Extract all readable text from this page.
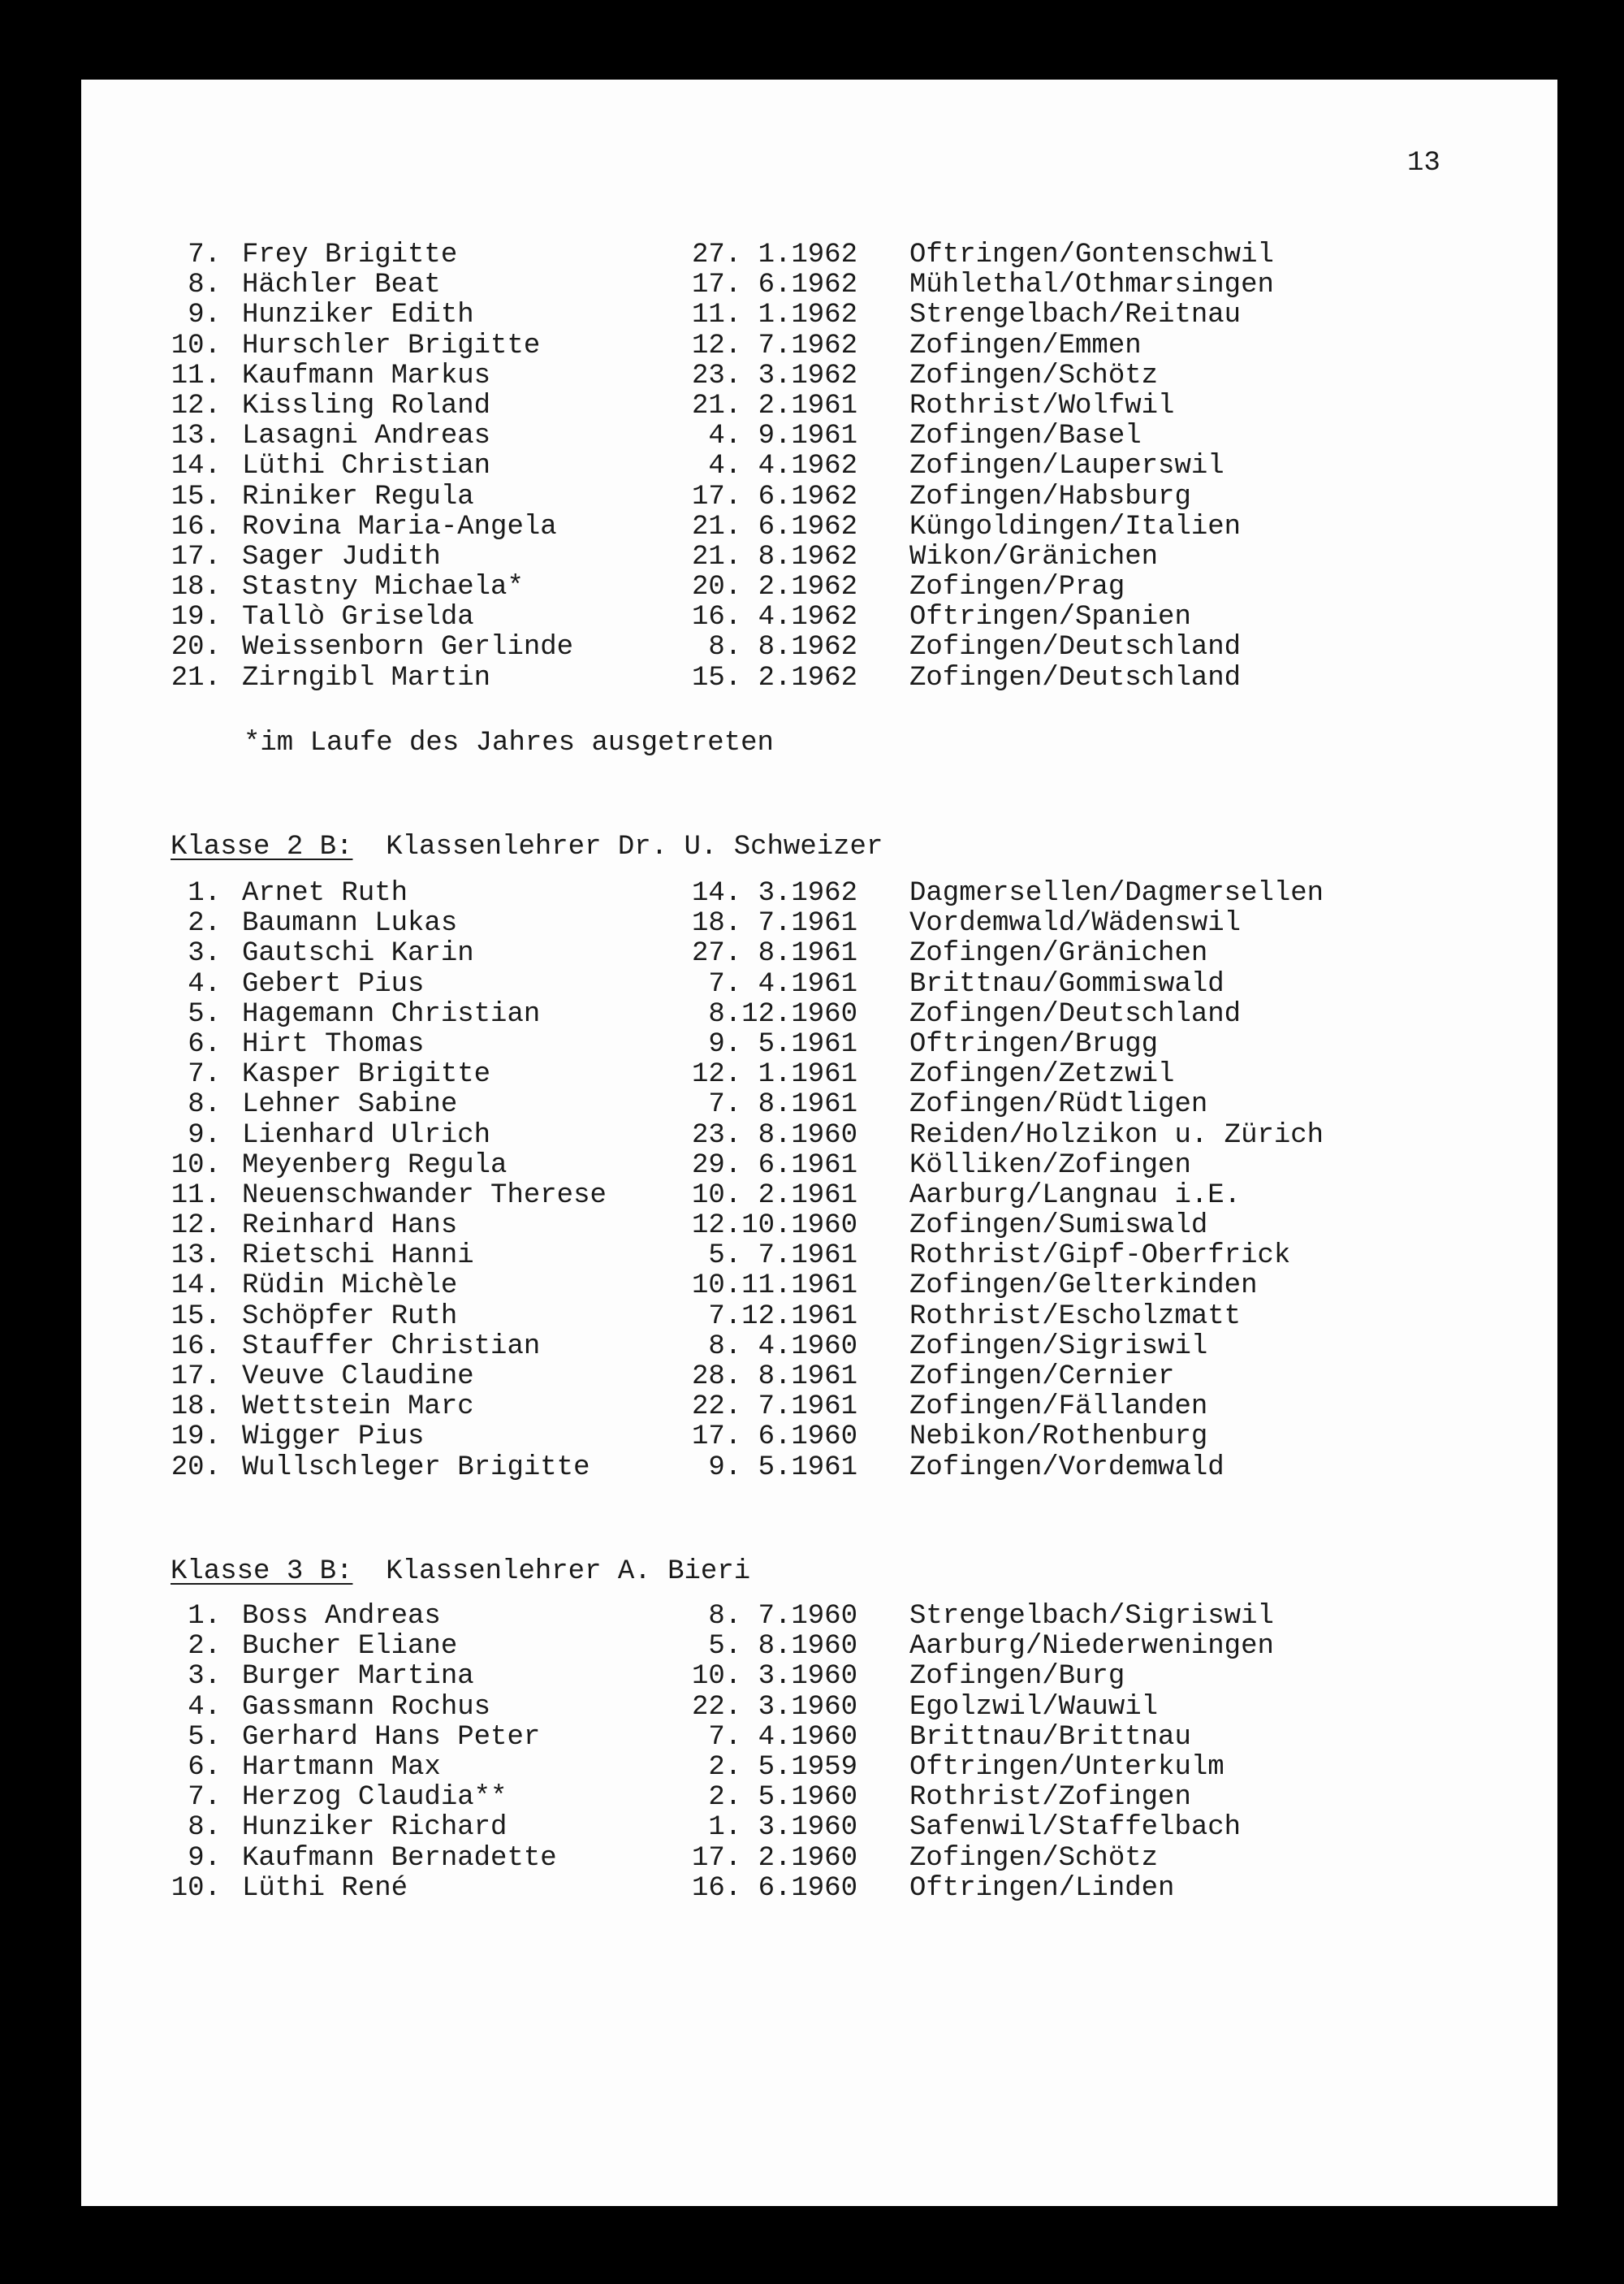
13
7. Frey Brigitte	27. 1.1962 Oftringen/Gontenschwil
8. Hächler Beat	17. 6.1962 Mühlethal/Othmarsingen
9. Hunziker Edith	11. 1.1962 Strengelbach/Reitnau
10. Hurschler Brigitte	12. 7.1962 Zofingen/Emmen
11. Kaufmann Markus	23. 3.1962 Zofingen/Schötz
12. Kissling Roland	21. 2.1961 Rothrist/Wolfwil
13. Lasagni Andreas	4. 9.1961 Zofingen/Basel
14. Lüthi Christian	4. 4.1962 Zofingen/Lauperswil
15. Riniker Regula	17. 6.1962 Zofingen/Habsburg
16. Rovina Maria-Angela	21. 6.1962 Küngoldingen/Italien
17. Sager Judith	21. 8.1962 Wikon/Gränichen
18. Stastny Michaela*	20. 2.1962 Zofingen/Prag
19. Tallò Griselda	16. 4.1962 Oftringen/Spanien
20. Weissenborn Gerlinde	8. 8.1962 Zofingen/Deutschland
21. Zirngibl Martin	15. 2.1962 Zofingen/Deutschland
*im Laufe des Jahres ausgetreten
Klasse 2 B: Klassenlehrer Dr. U. Schweizer
1. Arnet Ruth	14. 3.1962 Dagmersellen/Dagmersellen
2. Baumann Lukas	18. 7.1961 Vordemwald/Wädenswil
3. Gautschi Karin	27. 8.1961 Zofingen/Gränichen
4. Gebert Pius	7. 4.1961 Brittnau/Gommiswald
5. Hagemann Christian	8.12.1960 Zofingen/Deutschland
6. Hirt Thomas	9. 5.1961 Oftringen/Brugg
7. Kasper Brigitte	12. 1.1961 Zofingen/Zetzwil
8. Lehner Sabine	7. 8.1961 Zofingen/Rüdtligen
9. Lienhard Ulrich	23. 8.1960 Reiden/Holzikon u. Zürich
10. Meyenberg Regula	29. 6.1961 Kölliken/Zofingen
11. Neuenschwander Therese	10. 2.1961 Aarburg/Langnau i.E.
12. Reinhard Hans	12.10.1960 Zofingen/Sumiswald
13. Rietschi Hanni	5. 7.1961 Rothrist/Gipf-Oberfrick
14. Rüdin Michèle	10.11.1961 Zofingen/Gelterkinden
15. Schöpfer Ruth	7.12.1961 Rothrist/Escholzmatt
16. Stauffer Christian	8. 4.1960 Zofingen/Sigriswil
17. Veuve Claudine	28. 8.1961 Zofingen/Cernier
18. Wettstein Marc	22. 7.1961 Zofingen/Fällanden
19. Wigger Pius	17. 6.1960 Nebikon/Rothenburg
20. Wullschleger Brigitte	9. 5.1961 Zofingen/Vordemwald
Klasse 3 B: Klassenlehrer A. Bieri
1. Boss Andreas	8. 7.1960 Strengelbach/Sigriswil
2. Bucher Eliane	5. 8.1960 Aarburg/Niederweningen
3. Burger Martina	10. 3.1960 Zofingen/Burg
4. Gassmann Rochus	22. 3.1960 Egolzwil/Wauwil
5. Gerhard Hans Peter	7. 4.1960 Brittnau/Brittnau
6. Hartmann Max	2. 5.1959 Oftringen/Unterkulm
7. Herzog Claudia**	2. 5.1960 Rothrist/Zofingen
8. Hunziker Richard	1. 3.1960 Safenwil/Staffelbach
9. Kaufmann Bernadette	17. 2.1960 Zofingen/Schötz
10. Lüthi René	16. 6.1960 Oftringen/Linden
